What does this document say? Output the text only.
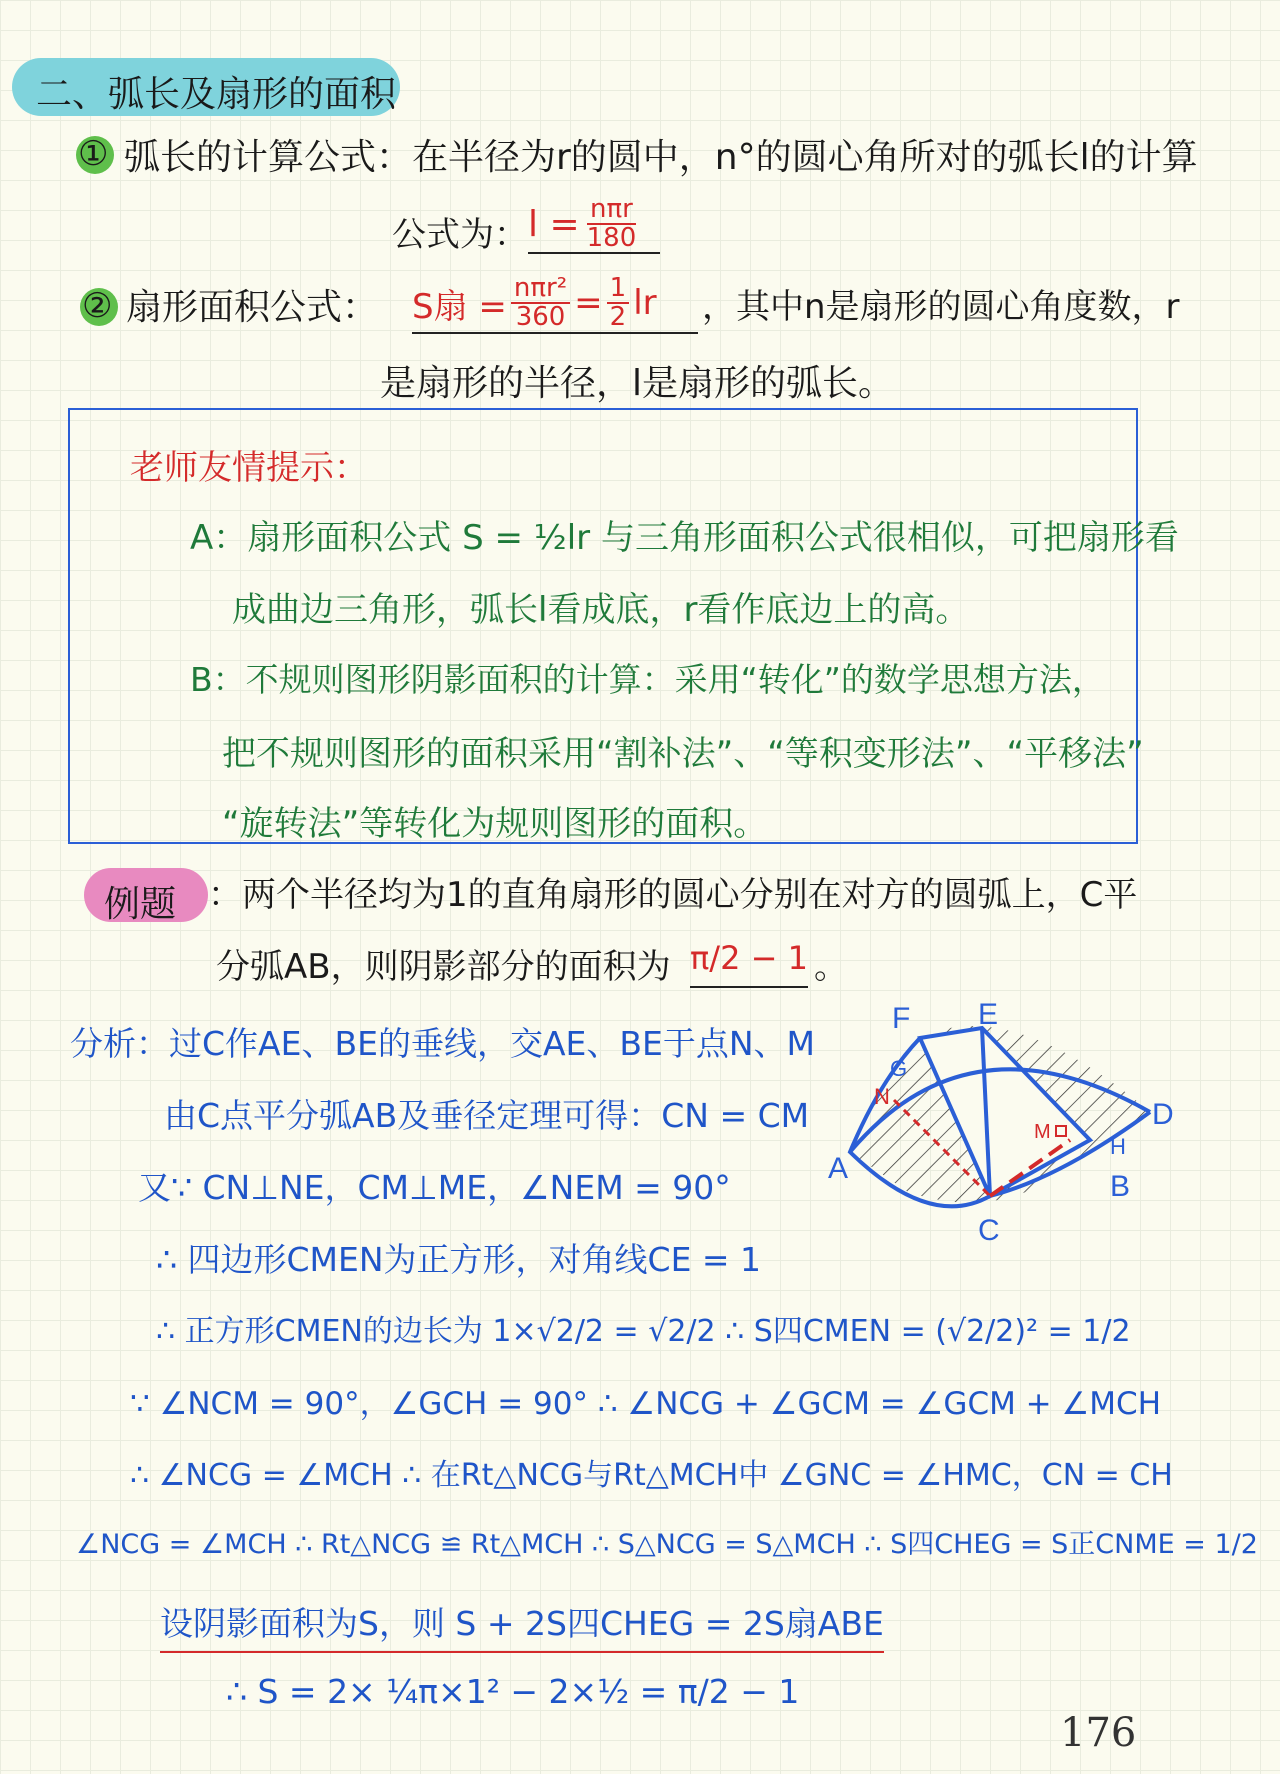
二、弧长及扇形的面积
① 弧长的计算公式：在半径为r的圆中，n°的圆心角所对的弧长l的计算
公式为： $l = \frac{\text{nπr}}{180}$
② 扇形面积公式： S扇 = $\frac{\text{nπr²}}{360} = \frac{1}{2}$ lr ，其中n是扇形的圆心角度数，r
是扇形的半径，l是扇形的弧长。
老师友情提示：
A：扇形面积公式 S = ½lr 与三角形面积公式很相似，可把扇形看
成曲边三角形，弧长l看成底，r看作底边上的高。
B：不规则图形阴影面积的计算：采用“转化”的数学思想方法，
把不规则图形的面积采用“割补法”、“等积变形法”、“平移法”
“旋转法”等转化为规则图形的面积。
例题 ：两个半径均为1的直角扇形的圆心分别在对方的圆弧上，C平
分弧AB，则阴影部分的面积为 π/2 − 1 。
分析：过C作AE、BE的垂线，交AE、BE于点N、M
由C点平分弧AB及垂径定理可得：CN = CM
又∵ CN⊥NE，CM⊥ME，∠NEM = 90°
∴ 四边形CMEN为正方形，对角线CE = 1
∴ 正方形CMEN的边长为 1×√2/2 = √2/2 ∴ S四CMEN = (√2/2)² = 1/2
∵ ∠NCM = 90°，∠GCH = 90° ∴ ∠NCG + ∠GCM = ∠GCM + ∠MCH
∴ ∠NCG = ∠MCH ∴ 在Rt△NCG与Rt△MCH中 ∠GNC = ∠HMC，CN = CH
∠NCG = ∠MCH ∴ Rt△NCG ≌ Rt△MCH ∴ S△NCG = S△MCH ∴ S四CHEG = S正CNME = 1/2
设阴影面积为S，则 S + 2S四CHEG = 2S扇ABE
∴ S = 2× ¼π×1² − 2×½ = π/2 − 1
A
B
C
D
E
F
G
H
M
N
176
